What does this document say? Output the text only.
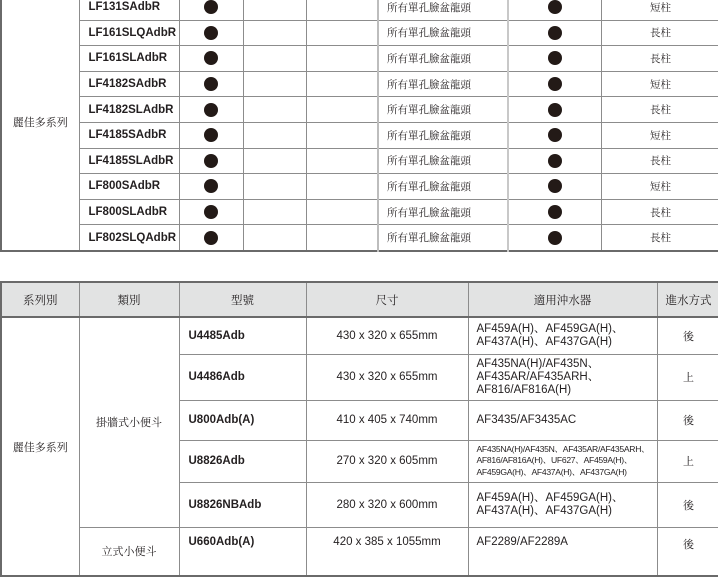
麗佳多系列	LF131SAdbR				所有單孔臉盆龍頭		短柱
	LF161SLQAdbR				所有單孔臉盆龍頭		長柱
	LF161SLAdbR				所有單孔臉盆龍頭		長柱
	LF4182SAdbR				所有單孔臉盆龍頭		短柱
	LF4182SLAdbR				所有單孔臉盆龍頭		長柱
	LF4185SAdbR				所有單孔臉盆龍頭		短柱
	LF4185SLAdbR				所有單孔臉盆龍頭		長柱
	LF800SAdbR				所有單孔臉盆龍頭		短柱
	LF800SLAdbR				所有單孔臉盆龍頭		長柱
	LF802SLQAdbR				所有單孔臉盆龍頭		長柱
系列別	類別	型號	尺寸	適用沖水器	進水方式
麗佳多系列	掛牆式小便斗	U4485Adb	430 x 320 x 655mm	AF459A(H)、AF459GA(H)、
AF437A(H)、AF437GA(H)	後
		U4486Adb	430 x 320 x 655mm	AF435NA(H)/AF435N、
AF435AR/AF435ARH、
AF816/AF816A(H)	上
		U800Adb(A)	410 x 405 x 740mm	AF3435/AF3435AC	後
		U8826Adb	270 x 320 x 605mm	AF435NA(H)/AF435N、AF435AR/AF435ARH、
AF816/AF816A(H)、UF627、AF459A(H)、
AF459GA(H)、AF437A(H)、AF437GA(H)	上
		U8826NBAdb	280 x 320 x 600mm	AF459A(H)、AF459GA(H)、
AF437A(H)、AF437GA(H)	後
	立式小便斗	U660Adb(A)	420 x 385 x 1055mm	AF2289/AF2289A	後
